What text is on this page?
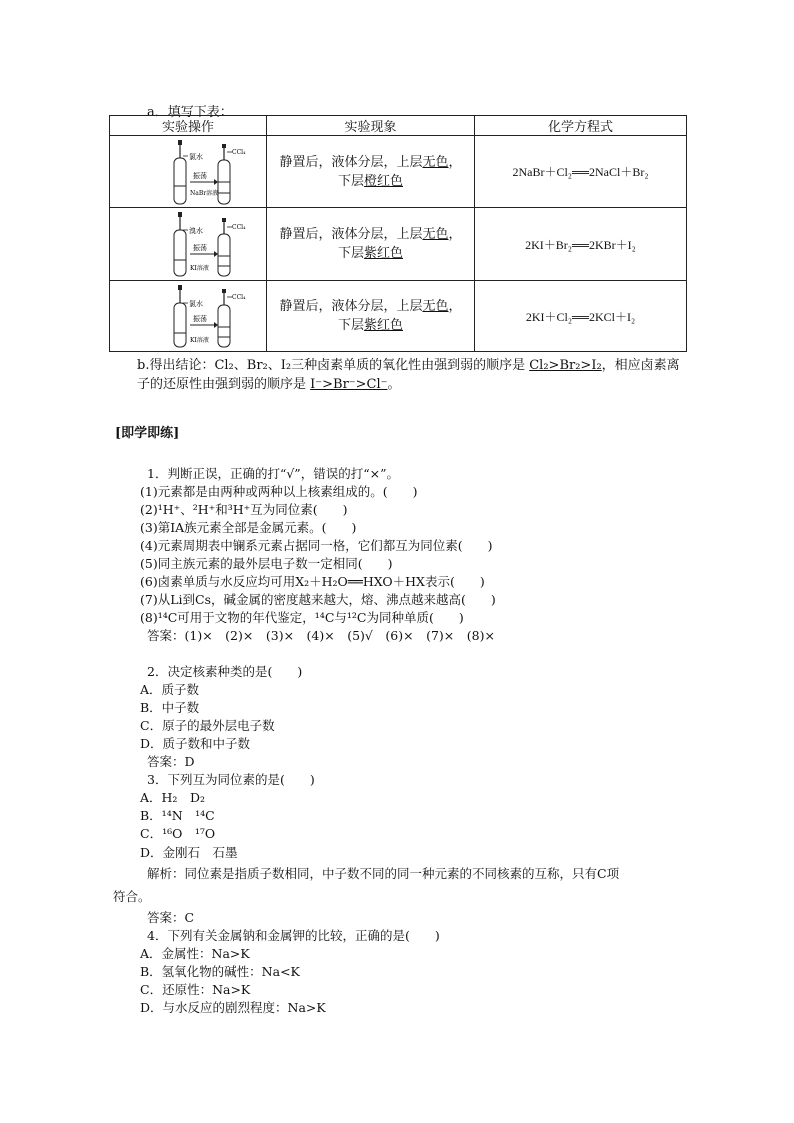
a．填写下表：
实验操作	实验现象	化学方程式

氯水
CCl₄
振荡
NaBr溶液	静置后，液体分层，上层无色，
下层橙红色	2NaBr＋Cl₂══2NaCl＋Br₂

溴水 CCl₄
振荡
KI溶液	静置后，液体分层，上层无色，
下层紫红色	2KI＋Br₂══2KBr＋I₂

氯水
CCl₄
振荡
KI溶液	静置后，液体分层，上层无色，
下层紫红色	2KI＋Cl₂══2KCl＋I₂
b.得出结论：Cl₂、Br₂、I₂三种卤素单质的氧化性由强到弱的顺序是 Cl₂>Br₂>I₂，相应卤素离子的还原性由强到弱的顺序是 I⁻>Br⁻>Cl⁻。
[即学即练]
1．判断正误，正确的打“√”，错误的打“×”。
(1)元素都是由两种或两种以上核素组成的。(　　)
(2)¹H⁺、²H⁺和³H⁺互为同位素(　　)
(3)第ⅠA族元素全部是金属元素。(　　)
(4)元素周期表中镧系元素占据同一格，它们都互为同位素(　　)
(5)同主族元素的最外层电子数一定相同(　　)
(6)卤素单质与水反应均可用X₂＋H₂O══HXO＋HX表示(　　)
(7)从Li到Cs，碱金属的密度越来越大，熔、沸点越来越高(　　)
(8)¹⁴C可用于文物的年代鉴定，¹⁴C与¹²C为同种单质(　　)
答案：(1)×　(2)×　(3)×　(4)×　(5)√　(6)×　(7)×　(8)×
2．决定核素种类的是(　　)
A．质子数
B．中子数
C．原子的最外层电子数
D．质子数和中子数
答案：D
3．下列互为同位素的是(　　)
A．H₂　D₂
B．¹⁴N　¹⁴C
C．¹⁶O　¹⁷O
D．金刚石　石墨
解析：同位素是指质子数相同，中子数不同的同一种元素的不同核素的互称，只有C项
符合。
答案：C
4．下列有关金属钠和金属钾的比较，正确的是(　　)
A．金属性：Na>K
B．氢氧化物的碱性：Na<K
C．还原性：Na>K
D．与水反应的剧烈程度：Na>K
